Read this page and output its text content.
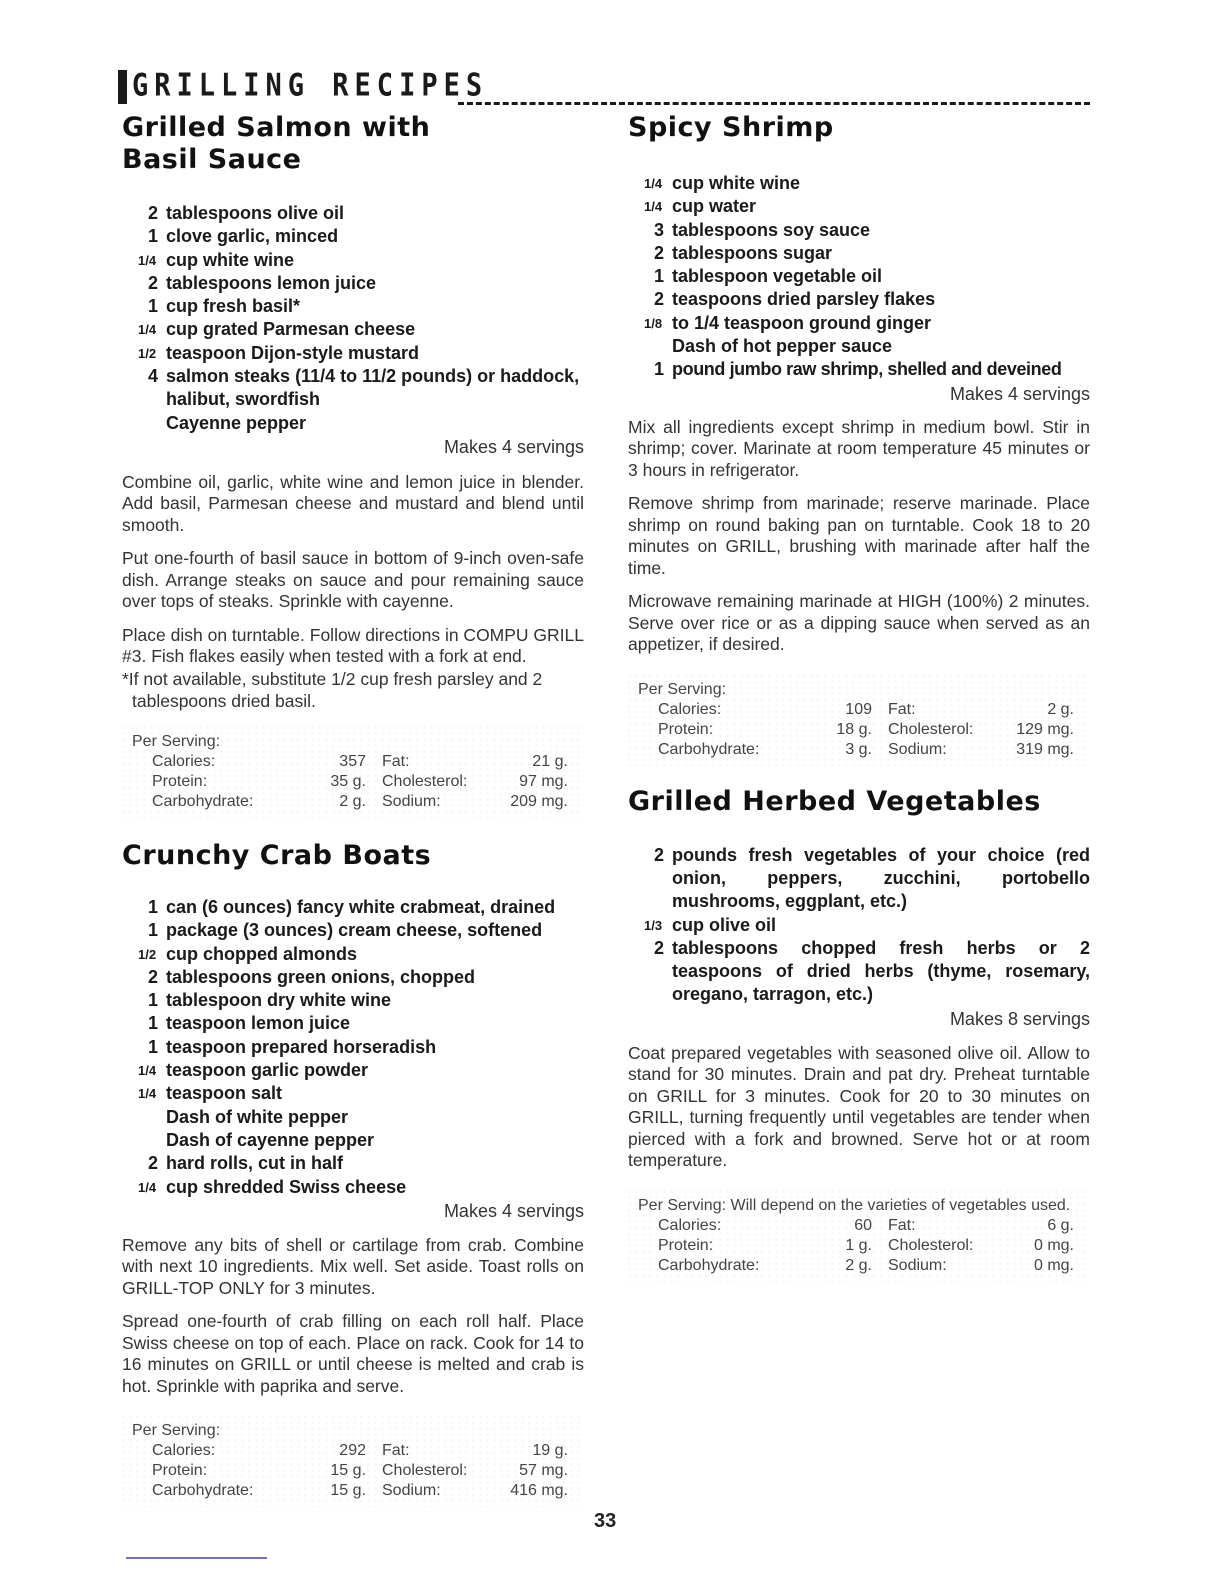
GRILLING RECIPES
Grilled Salmon with Basil Sauce
2 tablespoons olive oil
1 clove garlic, minced
1/4 cup white wine
2 tablespoons lemon juice
1 cup fresh basil*
1/4 cup grated Parmesan cheese
1/2 teaspoon Dijon-style mustard
4 salmon steaks (11/4 to 11/2 pounds) or haddock, halibut, swordfish
Cayenne pepper
Makes 4 servings

Combine oil, garlic, white wine and lemon juice in blender. Add basil, Parmesan cheese and mustard and blend until smooth.

Put one-fourth of basil sauce in bottom of 9-inch oven-safe dish. Arrange steaks on sauce and pour remaining sauce over tops of steaks. Sprinkle with cayenne.

Place dish on turntable. Follow directions in COMPU GRILL #3. Fish flakes easily when tested with a fork at end.

*If not available, substitute 1/2 cup fresh parsley and 2
tablespoons dried basil.
Per Serving:
Calories:	357	Fat:	21 g.
Protein:	35 g.	Cholesterol:	97 mg.
Carbohydrate:	2 g.	Sodium:	209 mg.
Crunchy Crab Boats
1 can (6 ounces) fancy white crabmeat, drained
1 package (3 ounces) cream cheese, softened
1/2 cup chopped almonds
2 tablespoons green onions, chopped
1 tablespoon dry white wine
1 teaspoon lemon juice
1 teaspoon prepared horseradish
1/4 teaspoon garlic powder
1/4 teaspoon salt
Dash of white pepper
Dash of cayenne pepper
2 hard rolls, cut in half
1/4 cup shredded Swiss cheese
Makes 4 servings

Remove any bits of shell or cartilage from crab. Combine with next 10 ingredients. Mix well. Set aside. Toast rolls on GRILL-TOP ONLY for 3 minutes.

Spread one-fourth of crab filling on each roll half. Place Swiss cheese on top of each. Place on rack. Cook for 14 to 16 minutes on GRILL or until cheese is melted and crab is hot. Sprinkle with paprika and serve.

Per Serving:
Calories:	292	Fat:	19 g.
Protein:	15 g.	Cholesterol:	57 mg.
Carbohydrate:	15 g.	Sodium:	416 mg.
Spicy Shrimp
1/4 cup white wine
1/4 cup water
3 tablespoons soy sauce
2 tablespoons sugar
1 tablespoon vegetable oil
2 teaspoons dried parsley flakes
1/8 to 1/4 teaspoon ground ginger
Dash of hot pepper sauce
1 pound jumbo raw shrimp, shelled and deveined
Makes 4 servings

Mix all ingredients except shrimp in medium bowl. Stir in shrimp; cover. Marinate at room temperature 45 minutes or 3 hours in refrigerator.

Remove shrimp from marinade; reserve marinade. Place shrimp on round baking pan on turntable. Cook 18 to 20 minutes on GRILL, brushing with marinade after half the time.

Microwave remaining marinade at HIGH (100%) 2 minutes. Serve over rice or as a dipping sauce when served as an appetizer, if desired.

Per Serving:
Calories:	109	Fat:	2 g.
Protein:	18 g.	Cholesterol:	129 mg.
Carbohydrate:	3 g.	Sodium:	319 mg.
Grilled Herbed Vegetables
2 pounds fresh vegetables of your choice (red onion, peppers, zucchini, portobello mushrooms, eggplant, etc.)
1/3 cup olive oil
2 tablespoons chopped fresh herbs or 2 teaspoons of dried herbs (thyme, rosemary, oregano, tarragon, etc.)
Makes 8 servings

Coat prepared vegetables with seasoned olive oil. Allow to stand for 30 minutes. Drain and pat dry. Preheat turntable on GRILL for 3 minutes. Cook for 20 to 30 minutes on GRILL, turning frequently until vegetables are tender when pierced with a fork and browned. Serve hot or at room temperature.

Per Serving: Will depend on the varieties of vegetables used.
Calories:	60	Fat:	6 g.
Protein:	1 g.	Cholesterol:	0 mg.
Carbohydrate:	2 g.	Sodium:	0 mg.
33
